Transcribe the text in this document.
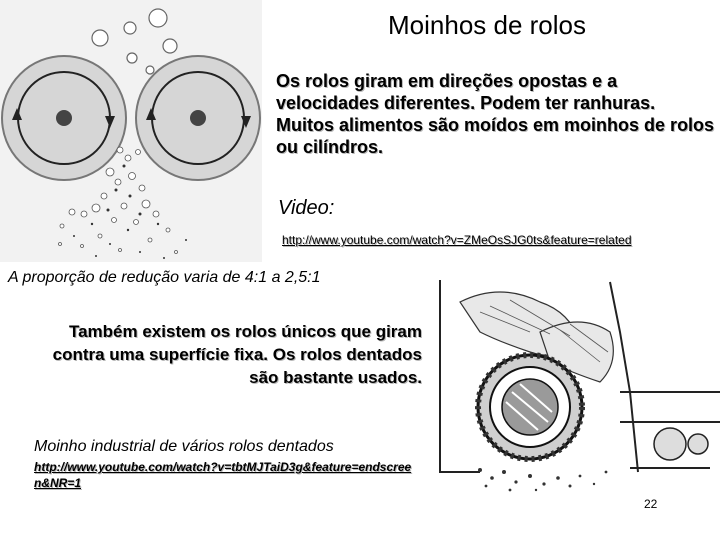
Moinhos de rolos
Os rolos giram em direções opostas e a velocidades diferentes. Podem ter ranhuras. Muitos alimentos são moídos em moinhos de rolos ou cilíndros.
Video:
http://www.youtube.com/watch?v=ZMeOsSJG0ts&feature=related
A proporção de redução varia de 4:1 a 2,5:1
Também existem os rolos únicos que giram contra uma superfície fixa. Os rolos dentados são bastante usados.
Moinho industrial de vários rolos dentados
http://www.youtube.com/watch?v=tbtMJTaiD3g&feature=endscreen&NR=1
22
